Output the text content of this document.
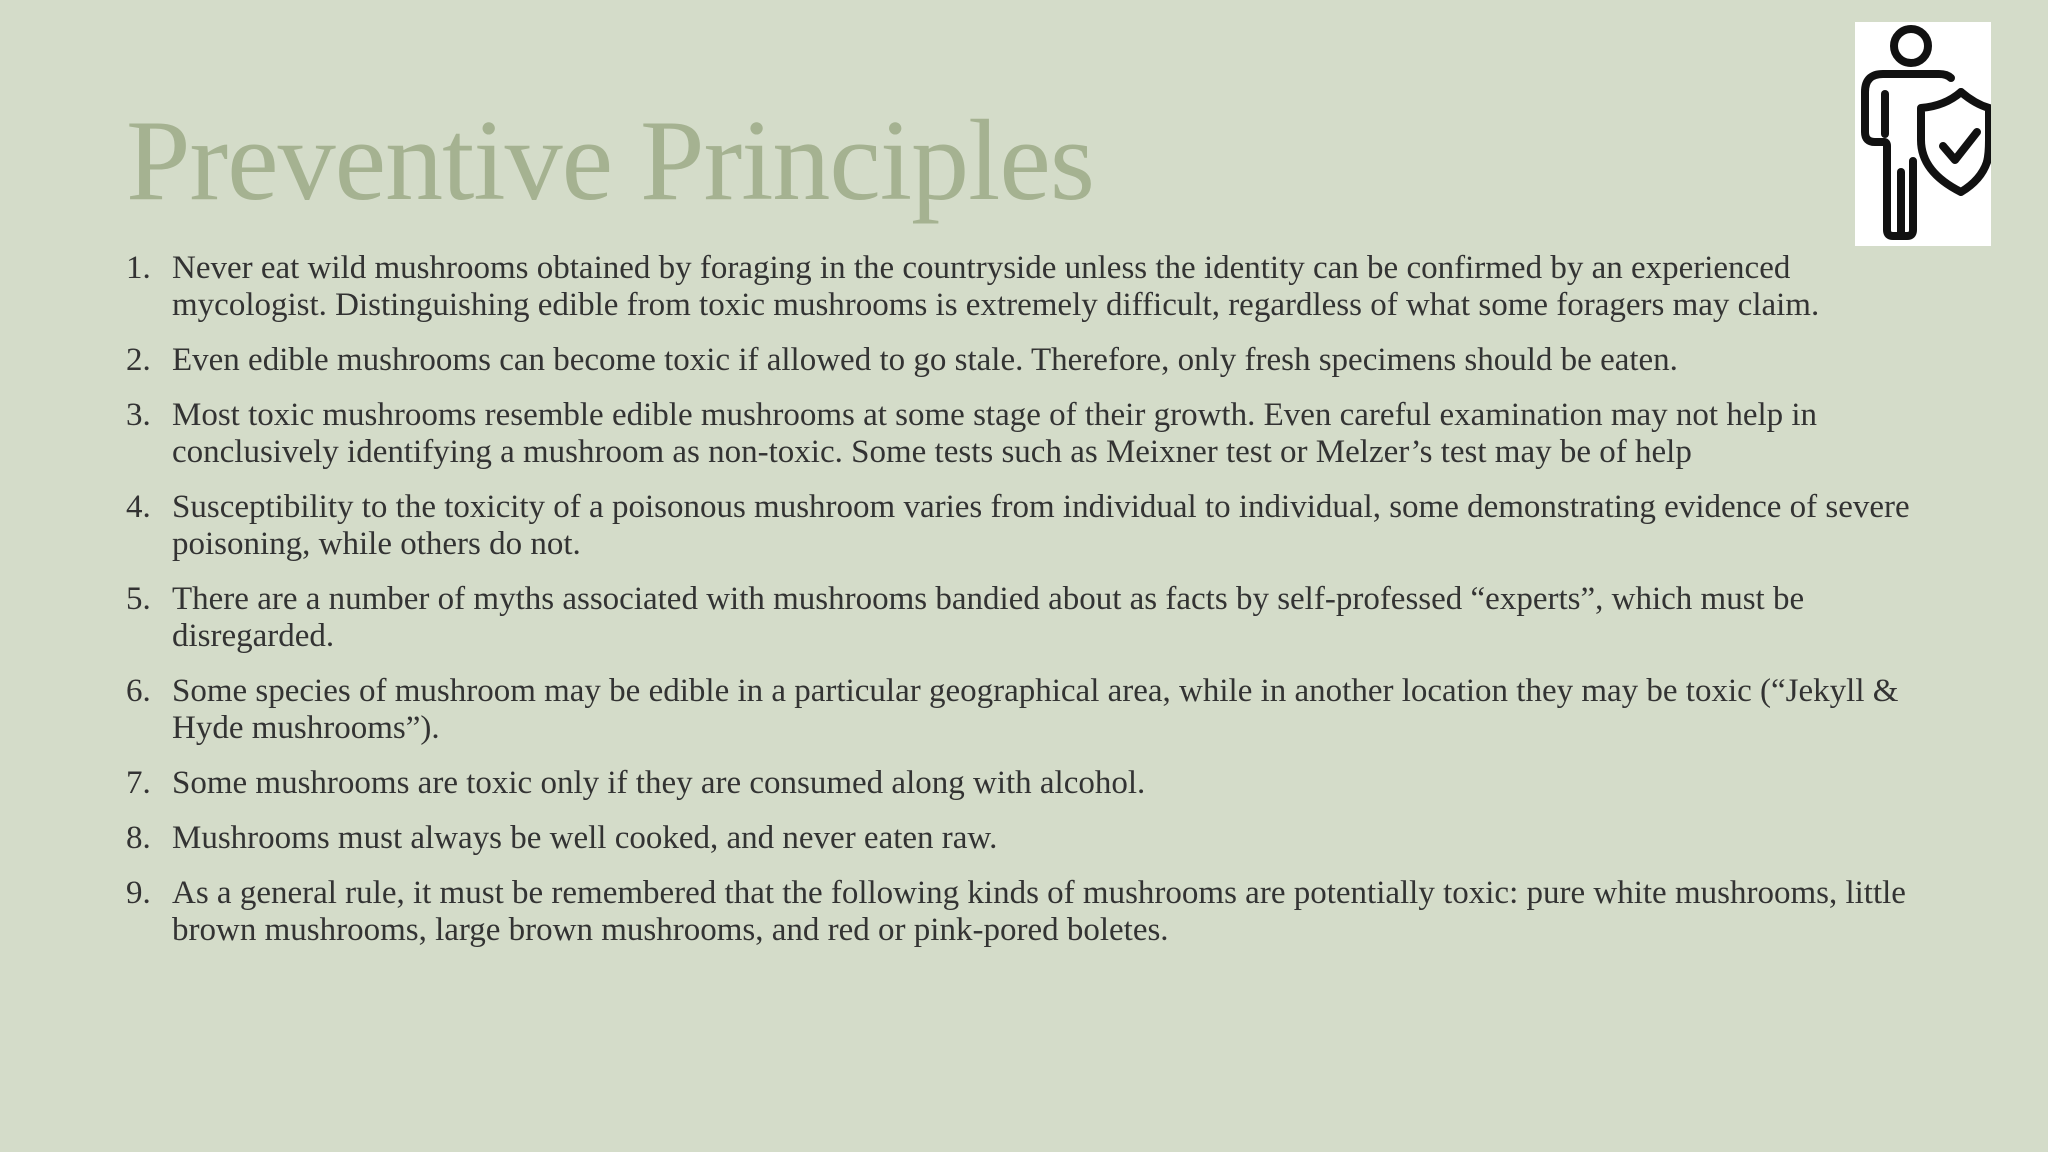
Preventive Principles
1. Never eat wild mushrooms obtained by foraging in the countryside unless the identity can be confirmed by an experienced mycologist. Distinguishing edible from toxic mushrooms is extremely difficult, regardless of what some foragers may claim.
2. Even edible mushrooms can become toxic if allowed to go stale. Therefore, only fresh specimens should be eaten.
3. Most toxic mushrooms resemble edible mushrooms at some stage of their growth. Even careful examination may not help in conclusively identifying a mushroom as non-toxic. Some tests such as Meixner test or Melzer’s test may be of help
4. Susceptibility to the toxicity of a poisonous mushroom varies from individual to individual, some demonstrating evidence of severe poisoning, while others do not.
5. There are a number of myths associated with mushrooms bandied about as facts by self-professed “experts”, which must be disregarded.
6. Some species of mushroom may be edible in a particular geographical area, while in another location they may be toxic (“Jekyll & Hyde mushrooms”).
7. Some mushrooms are toxic only if they are consumed along with alcohol.
8. Mushrooms must always be well cooked, and never eaten raw.
9. As a general rule, it must be remembered that the following kinds of mushrooms are potentially toxic: pure white mushrooms, little brown mushrooms, large brown mushrooms, and red or pink-pored boletes.
